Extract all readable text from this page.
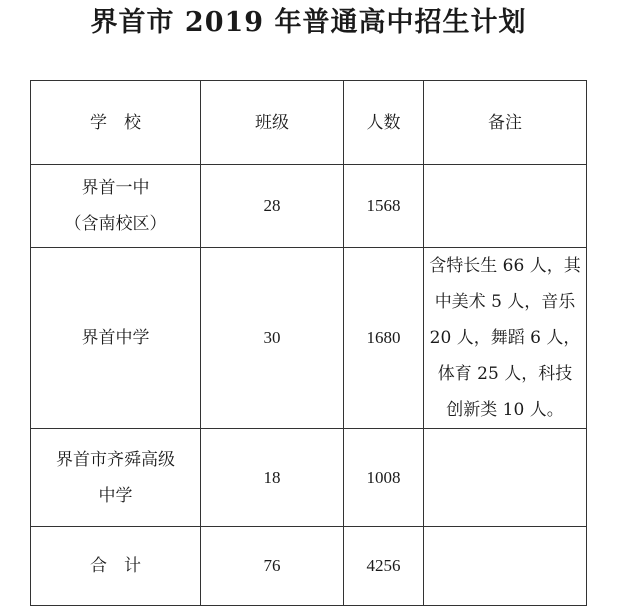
界首市 2019 年普通高中招生计划
学　校	班级	人数	备注

界首一中
（含南校区）	28	1568	

界首中学	30	1680	含特长生 66 人，其
中美术 5 人，音乐
20 人，舞蹈 6 人，
体育 25 人，科技
创新类 10 人。

界首市齐舜高级
中学	18	1008	
合　计	76	4256	
